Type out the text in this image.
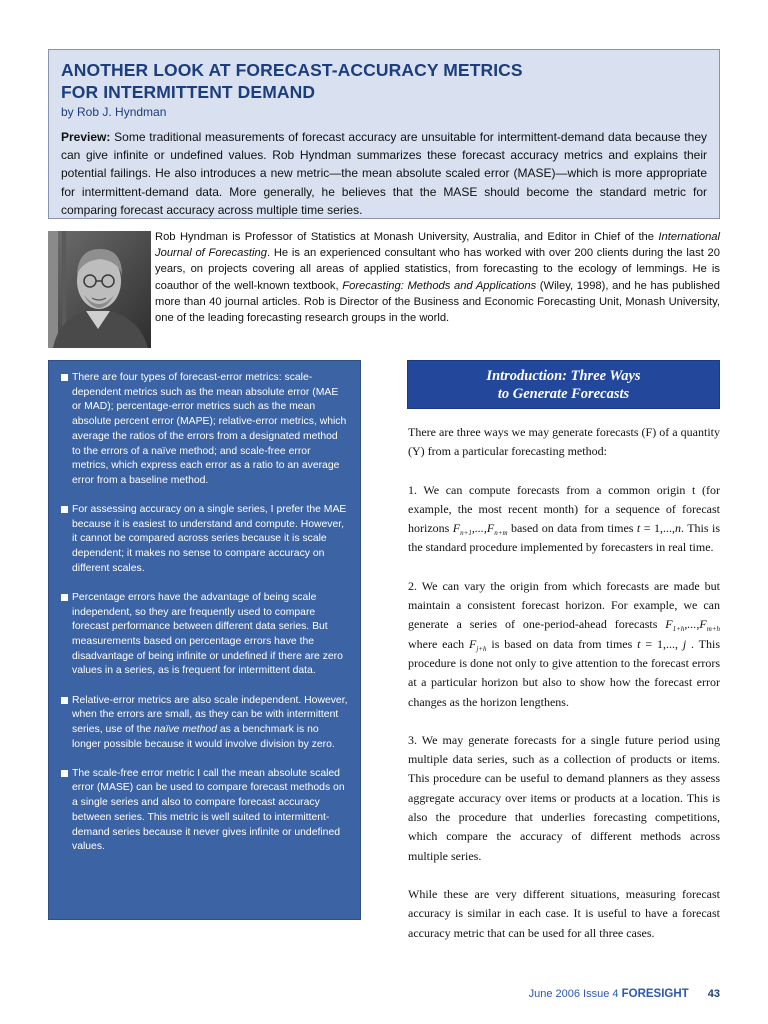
ANOTHER LOOK AT FORECAST-ACCURACY METRICS
FOR INTERMITTENT DEMAND
by Rob J. Hyndman
Preview: Some traditional measurements of forecast accuracy are unsuitable for intermittent-demand data because they can give infinite or undefined values. Rob Hyndman summarizes these forecast accuracy metrics and explains their potential failings. He also introduces a new metric—the mean absolute scaled error (MASE)—which is more appropriate for intermittent-demand data. More generally, he believes that the MASE should become the standard metric for comparing forecast accuracy across multiple time series.
Rob Hyndman is Professor of Statistics at Monash University, Australia, and Editor in Chief of the International Journal of Forecasting. He is an experienced consultant who has worked with over 200 clients during the last 20 years, on projects covering all areas of applied statistics, from forecasting to the ecology of lemmings. He is coauthor of the well-known textbook, Forecasting: Methods and Applications (Wiley, 1998), and he has published more than 40 journal articles. Rob is Director of the Business and Economic Forecasting Unit, Monash University, one of the leading forecasting research groups in the world.
There are four types of forecast-error metrics: scale-dependent metrics such as the mean absolute error (MAE or MAD); percentage-error metrics such as the mean absolute percent error (MAPE); relative-error metrics, which average the ratios of the errors from a designated method to the errors of a naïve method; and scale-free error metrics, which express each error as a ratio to an average error from a baseline method.
For assessing accuracy on a single series, I prefer the MAE because it is easiest to understand and compute. However, it cannot be compared across series because it is scale dependent; it makes no sense to compare accuracy on different scales.
Percentage errors have the advantage of being scale independent, so they are frequently used to compare forecast performance between different data series. But measurements based on percentage errors have the disadvantage of being infinite or undefined if there are zero values in a series, as is frequent for intermittent data.
Relative-error metrics are also scale independent. However, when the errors are small, as they can be with intermittent series, use of the naïve method as a benchmark is no longer possible because it would involve division by zero.
The scale-free error metric I call the mean absolute scaled error (MASE) can be used to compare forecast methods on a single series and also to compare forecast accuracy between series. This metric is well suited to intermittent-demand series because it never gives infinite or undefined values.
Introduction: Three Ways
to Generate Forecasts

There are three ways we may generate forecasts (F) of a quantity (Y) from a particular forecasting method:

1. We can compute forecasts from a common origin t (for example, the most recent month) for a sequence of forecast horizons $F_{n+1},...,F_{n+m}$ based on data from times t = 1,...,n. This is the standard procedure implemented by forecasters in real time.

2. We can vary the origin from which forecasts are made but maintain a consistent forecast horizon. For example, we can generate a series of one-period-ahead forecasts $F_{1+h},...,F_{m+h}$ where each $F_{j+h}$ is based on data from times t = 1,..., j . This procedure is done not only to give attention to the forecast errors at a particular horizon but also to show how the forecast error changes as the horizon lengthens.

3. We may generate forecasts for a single future period using multiple data series, such as a collection of products or items. This procedure can be useful to demand planners as they assess aggregate accuracy over items or products at a location. This is also the procedure that underlies forecasting competitions, which compare the accuracy of different methods across multiple series.

While these are very different situations, measuring forecast accuracy is similar in each case. It is useful to have a forecast accuracy metric that can be used for all three cases.

June 2006 Issue 4 FORESIGHT 43
